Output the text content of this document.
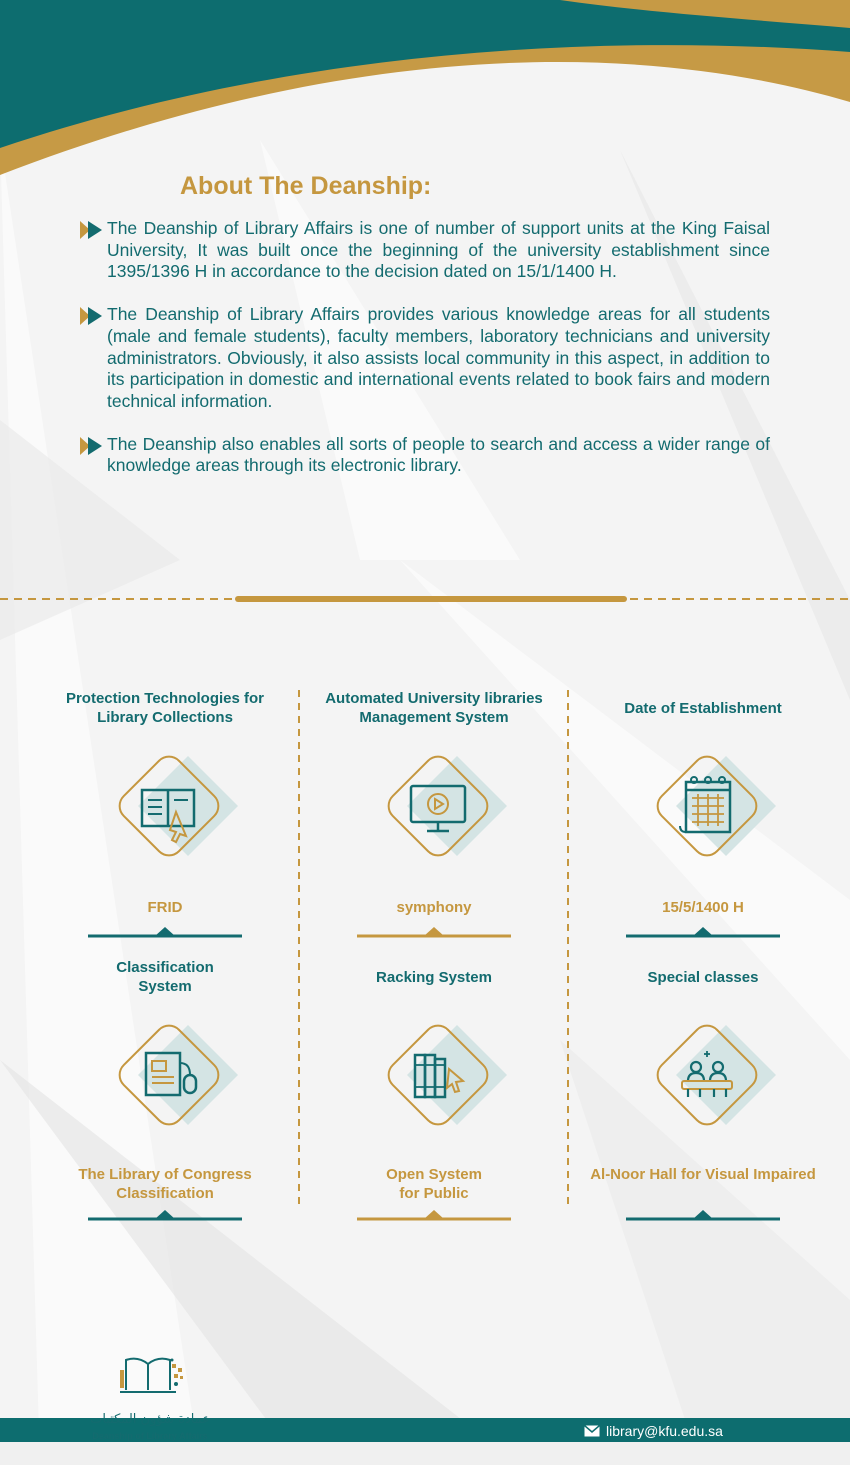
About The Deanship:

The Deanship of Library Affairs is one of number of support units at the King Faisal University, It was built once the beginning of the university establishment since 1395/1396 H in accordance to the decision dated on 15/1/1400 H.

The Deanship of Library Affairs provides various knowledge areas for all students (male and female students), faculty members, laboratory technicians and university administrators. Obviously, it also assists local community in this aspect, in addition to its participation in domestic and international events related to book fairs and modern technical information.

The Deanship also enables all sorts of people to search and access a wider range of knowledge areas through its electronic library.

Protection Technologies for Library Collections
FRID
Automated University libraries Management System
symphony
Date of Establishment
15/5/1400 H
Classification System
The Library of Congress Classification
Racking System
Open System for Public
Special classes
Al-Noor Hall for Visual Impaired
عمادة شؤون المكتبات
Deanship of Library Affairs	library@kfu.edu.sa
